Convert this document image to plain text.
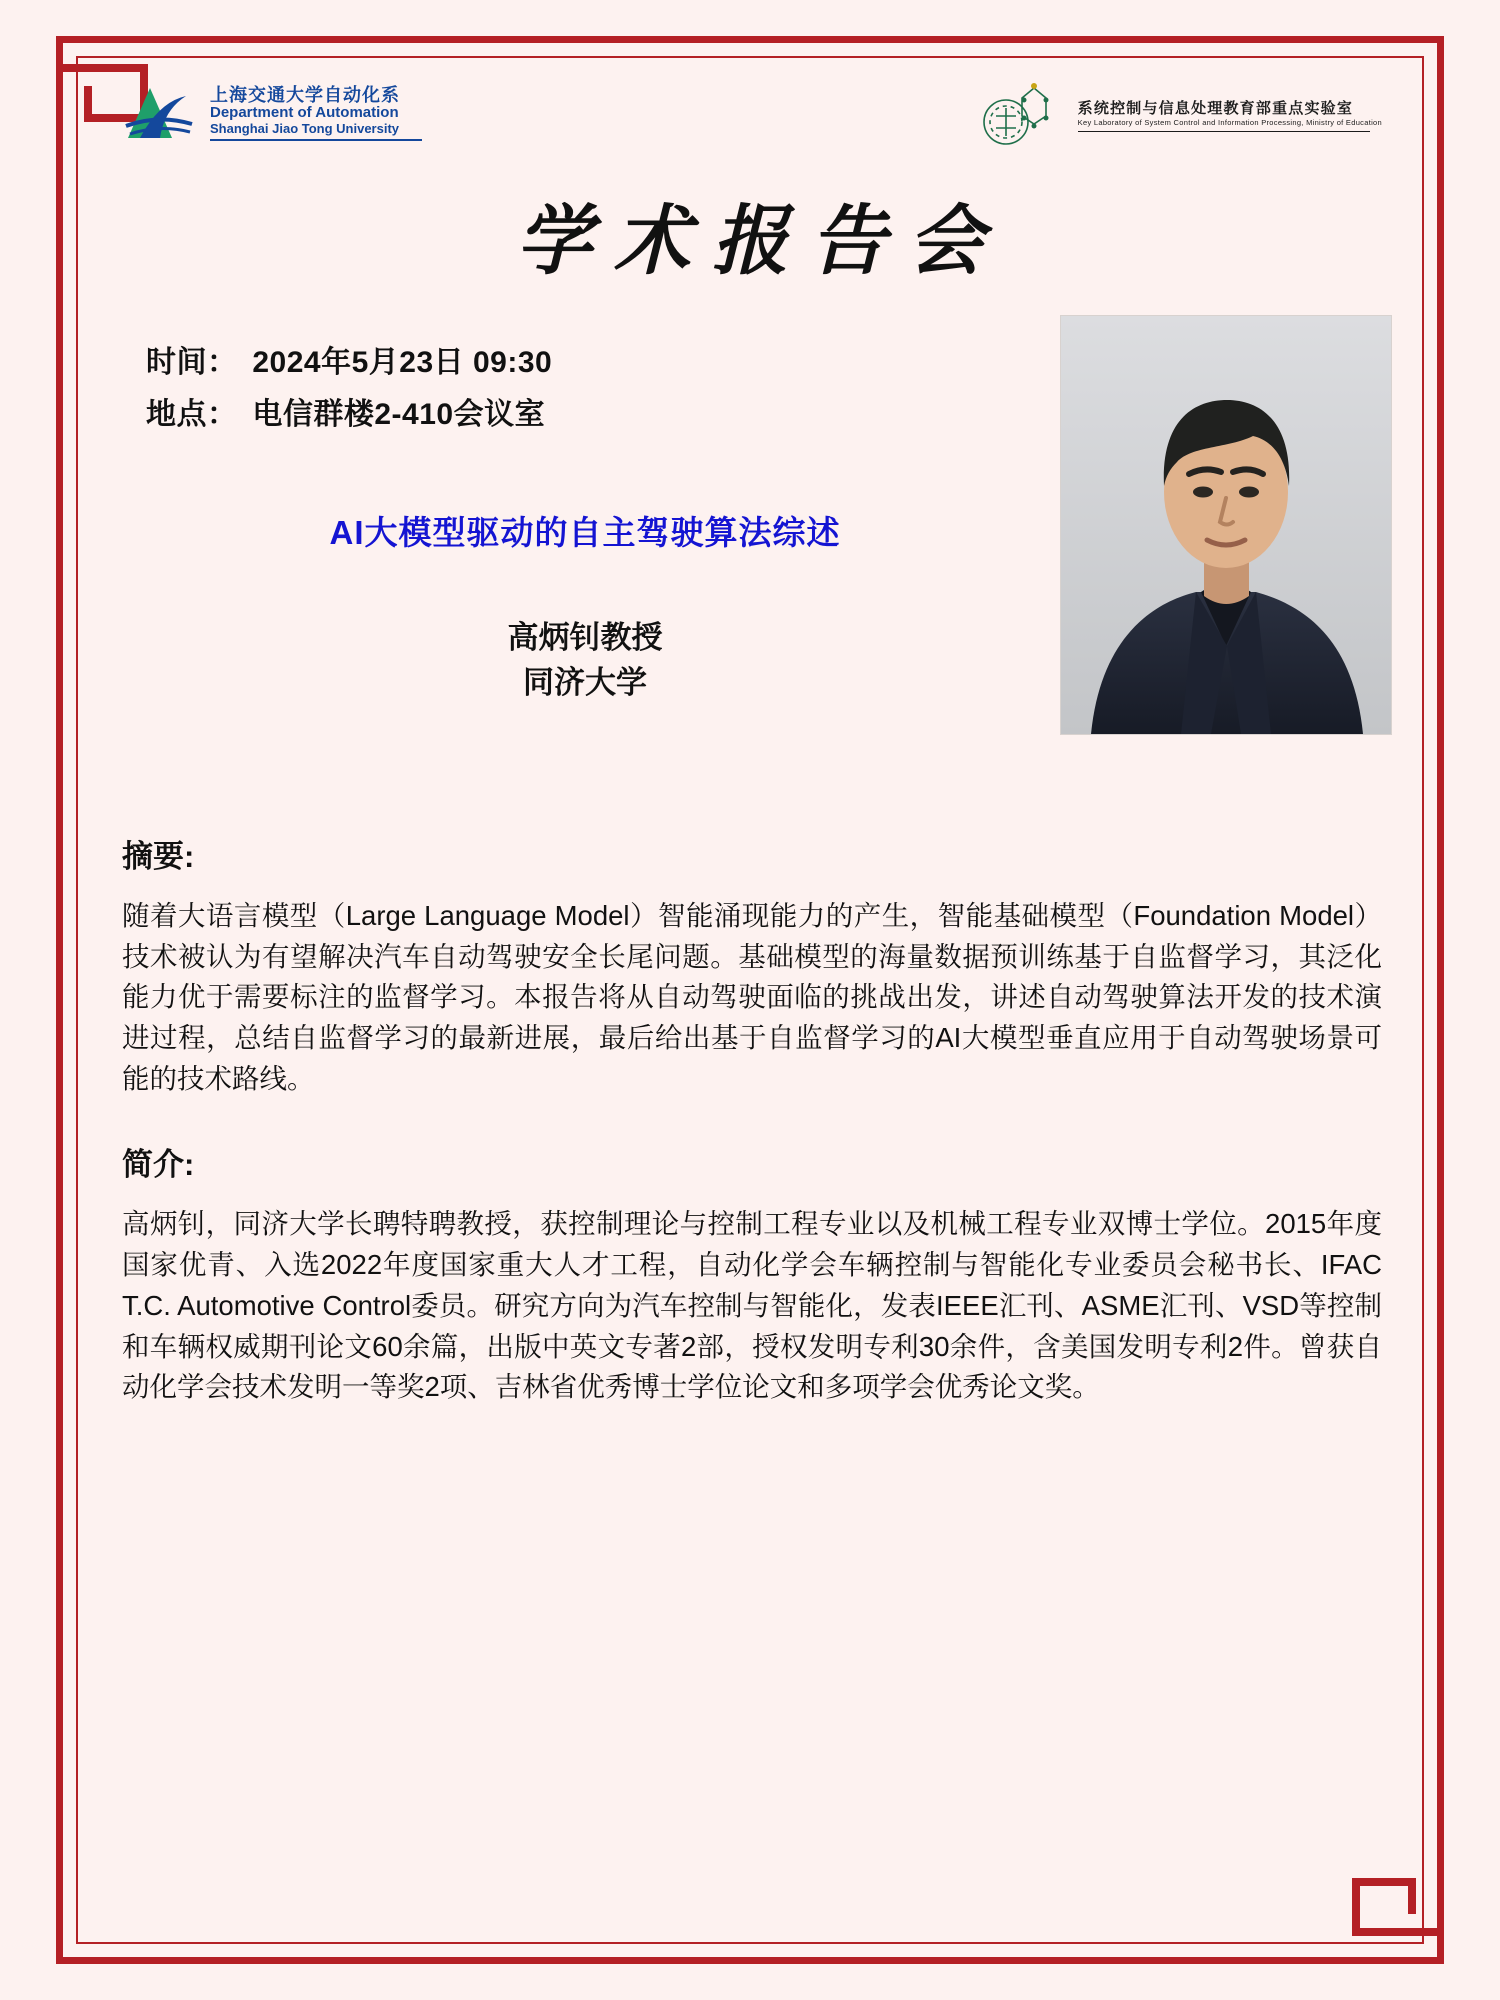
上海交通大学自动化系
Department of Automation
Shanghai Jiao Tong University
系统控制与信息处理教育部重点实验室
Key Laboratory of System Control and Information Processing, Ministry of Education
学术报告会
时间： 2024年5月23日 09:30
地点： 电信群楼2-410会议室
AI大模型驱动的自主驾驶算法综述
高炳钊教授
同济大学
摘要:
随着大语言模型（Large Language Model）智能涌现能力的产生，智能基础模型（Foundation Model）技术被认为有望解决汽车自动驾驶安全长尾问题。基础模型的海量数据预训练基于自监督学习，其泛化能力优于需要标注的监督学习。本报告将从自动驾驶面临的挑战出发，讲述自动驾驶算法开发的技术演进过程，总结自监督学习的最新进展，最后给出基于自监督学习的AI大模型垂直应用于自动驾驶场景可能的技术路线。
简介:
高炳钊，同济大学长聘特聘教授，获控制理论与控制工程专业以及机械工程专业双博士学位。2015年度国家优青、入选2022年度国家重大人才工程，自动化学会车辆控制与智能化专业委员会秘书长、IFAC T.C. Automotive Control委员。研究方向为汽车控制与智能化，发表IEEE汇刊、ASME汇刊、VSD等控制和车辆权威期刊论文60余篇，出版中英文专著2部，授权发明专利30余件，含美国发明专利2件。曾获自动化学会技术发明一等奖2项、吉林省优秀博士学位论文和多项学会优秀论文奖。
